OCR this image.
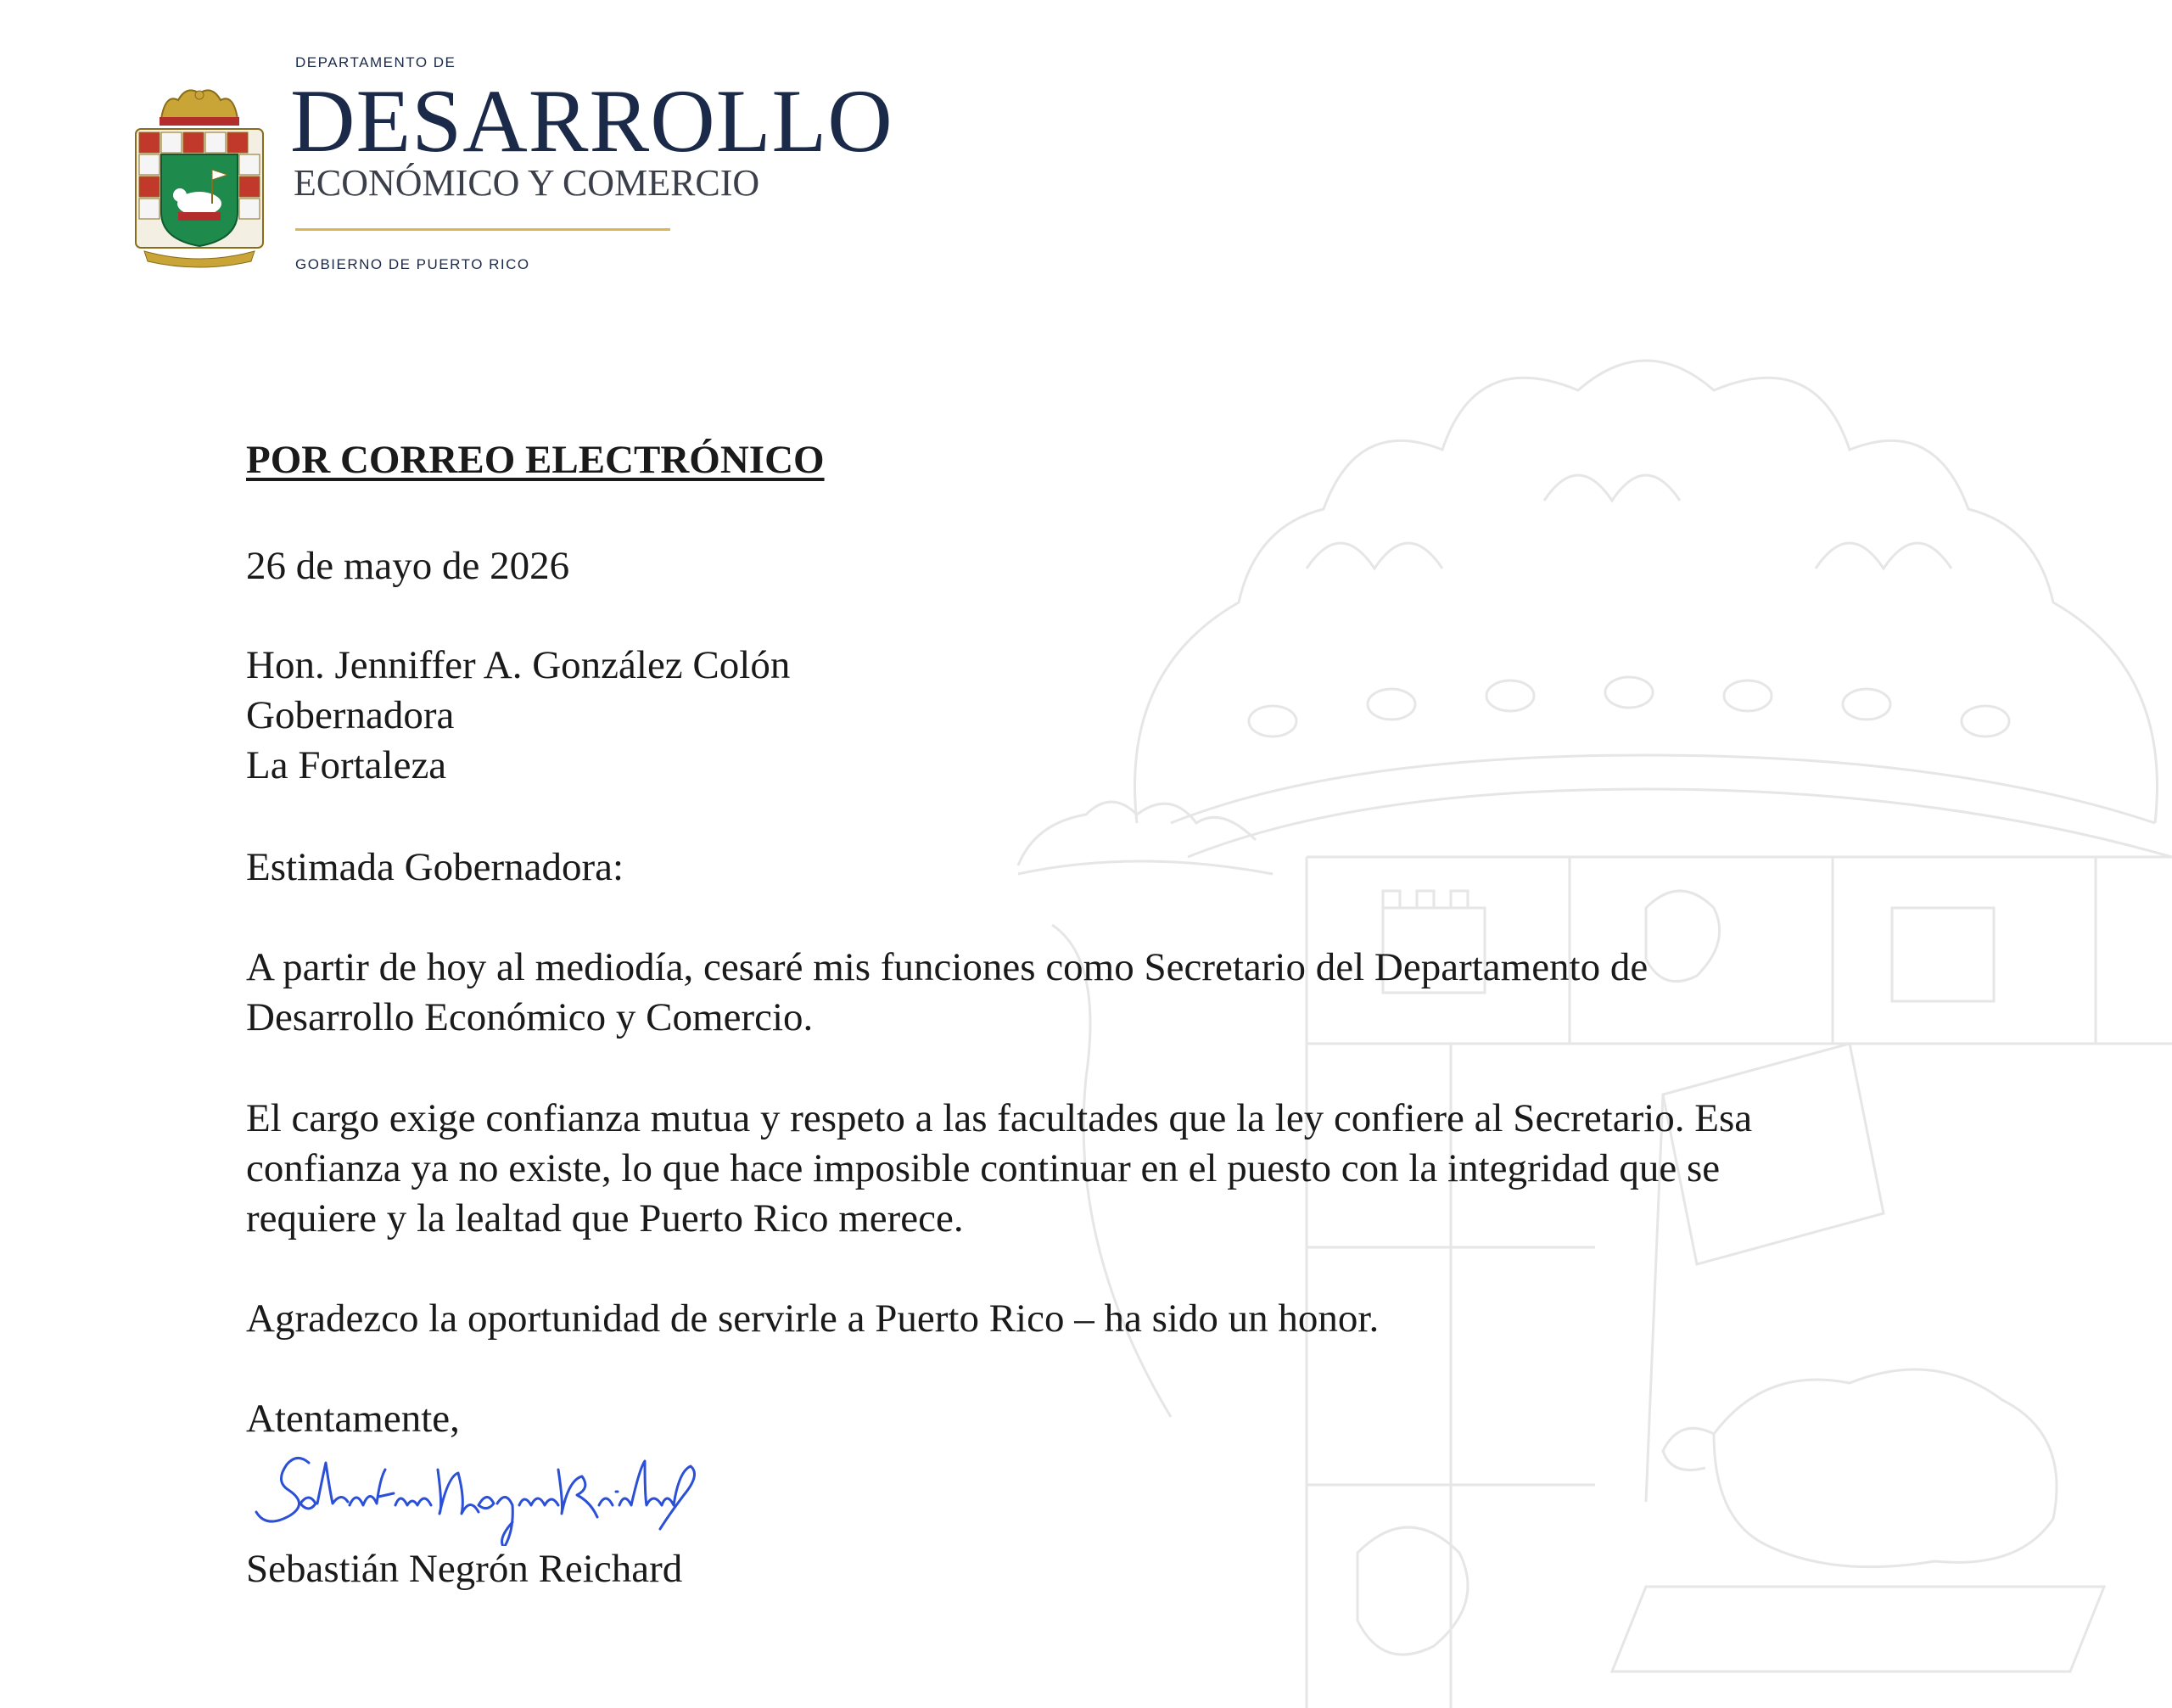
DEPARTAMENTO DE
DESARROLLO
ECONÓMICO Y COMERCIO
GOBIERNO DE PUERTO RICO
POR CORREO ELECTRÓNICO
26 de mayo de 2026
Hon. Jenniffer A. González Colón
Gobernadora
La Fortaleza
Estimada Gobernadora:
A partir de hoy al mediodía, cesaré mis funciones como Secretario del Departamento de
Desarrollo Económico y Comercio.
El cargo exige confianza mutua y respeto a las facultades que la ley confiere al Secretario. Esa
confianza ya no existe, lo que hace imposible continuar en el puesto con la integridad que se
requiere y la lealtad que Puerto Rico merece.
Agradezco la oportunidad de servirle a Puerto Rico – ha sido un honor.
Atentamente,
Sebastián Negrón Reichard
